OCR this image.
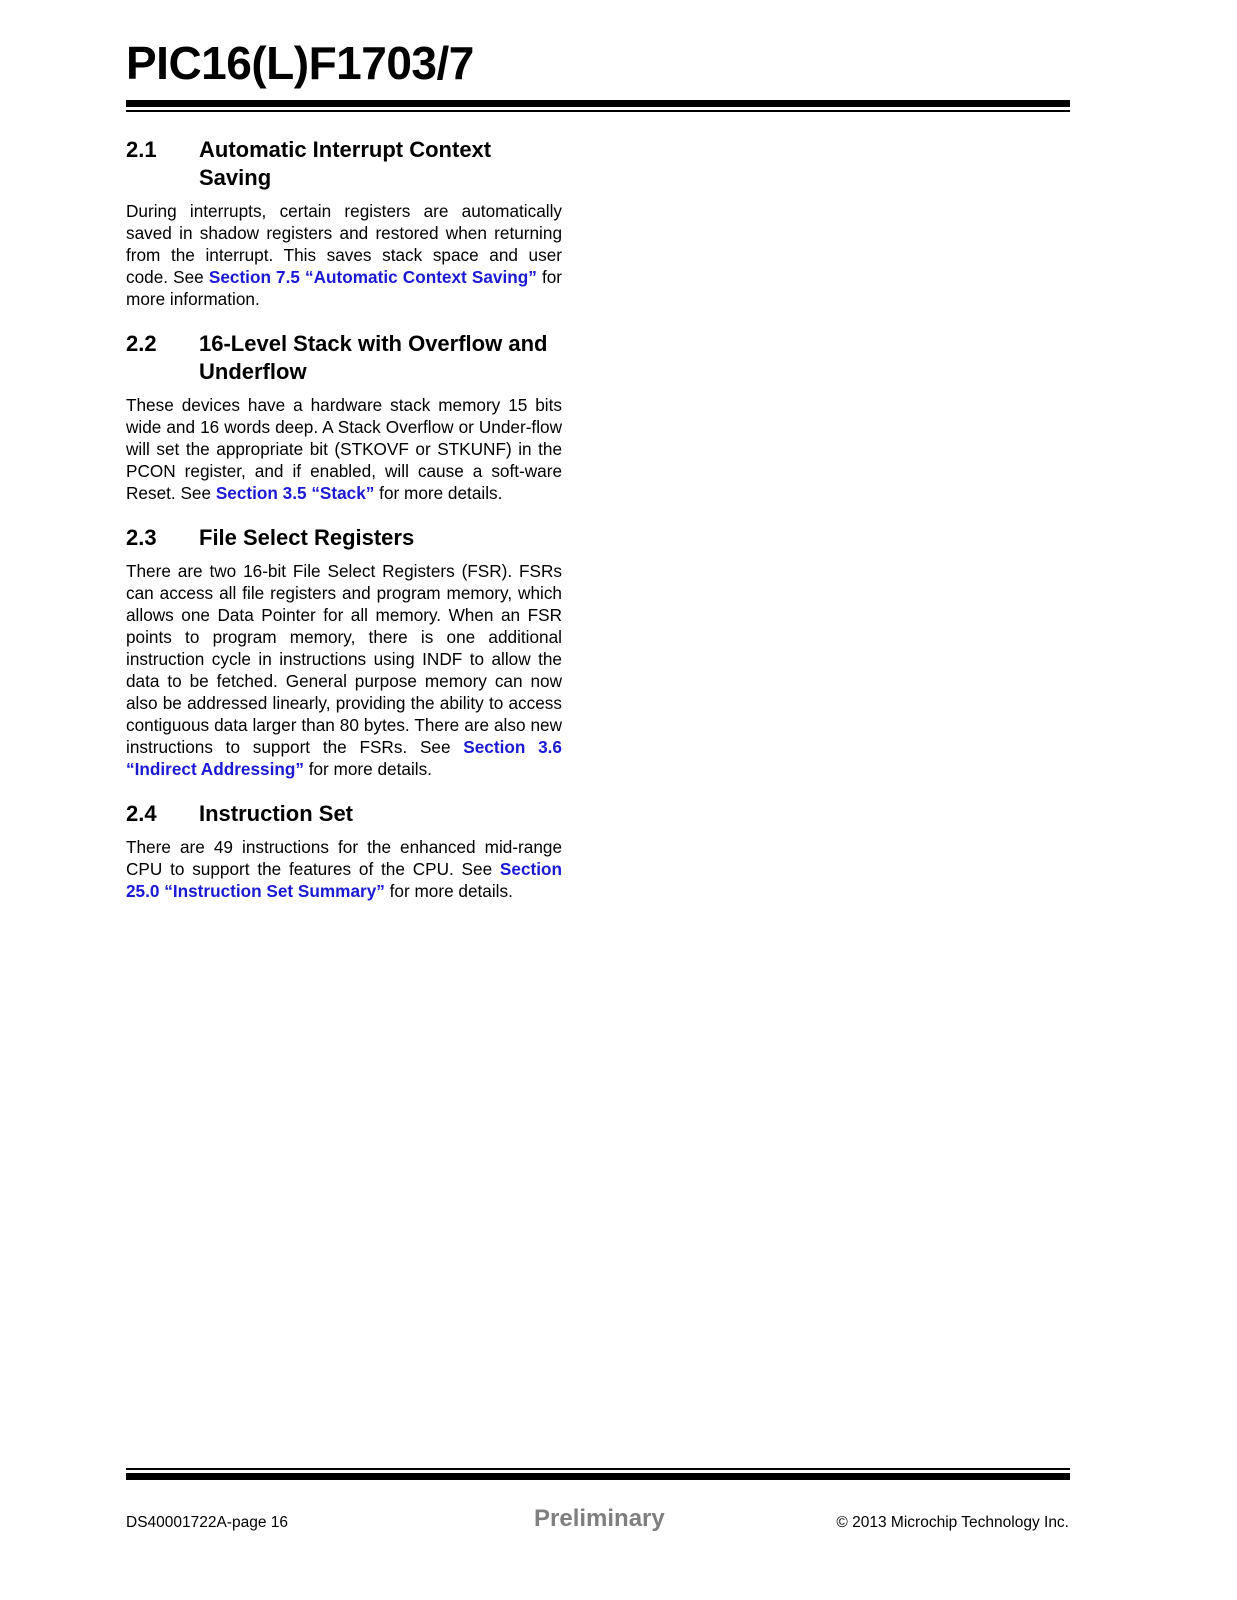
PIC16(L)F1703/7
2.1	Automatic Interrupt Context Saving

During interrupts, certain registers are automatically saved in shadow registers and restored when returning from the interrupt. This saves stack space and user code. See Section 7.5 “Automatic Context Saving” for more information.

2.2	16-Level Stack with Overflow and Underflow

These devices have a hardware stack memory 15 bits wide and 16 words deep. A Stack Overflow or Under-flow will set the appropriate bit (STKOVF or STKUNF) in the PCON register, and if enabled, will cause a soft-ware Reset. See Section 3.5 “Stack” for more details.

2.3	File Select Registers

There are two 16-bit File Select Registers (FSR). FSRs can access all file registers and program memory, which allows one Data Pointer for all memory. When an FSR points to program memory, there is one additional instruction cycle in instructions using INDF to allow the data to be fetched. General purpose memory can now also be addressed linearly, providing the ability to access contiguous data larger than 80 bytes. There are also new instructions to support the FSRs. See Section 3.6 “Indirect Addressing” for more details.

2.4	Instruction Set

There are 49 instructions for the enhanced mid-range CPU to support the features of the CPU. See Section 25.0 “Instruction Set Summary” for more details.

DS40001722A-page 16	Preliminary	© 2013 Microchip Technology Inc.
